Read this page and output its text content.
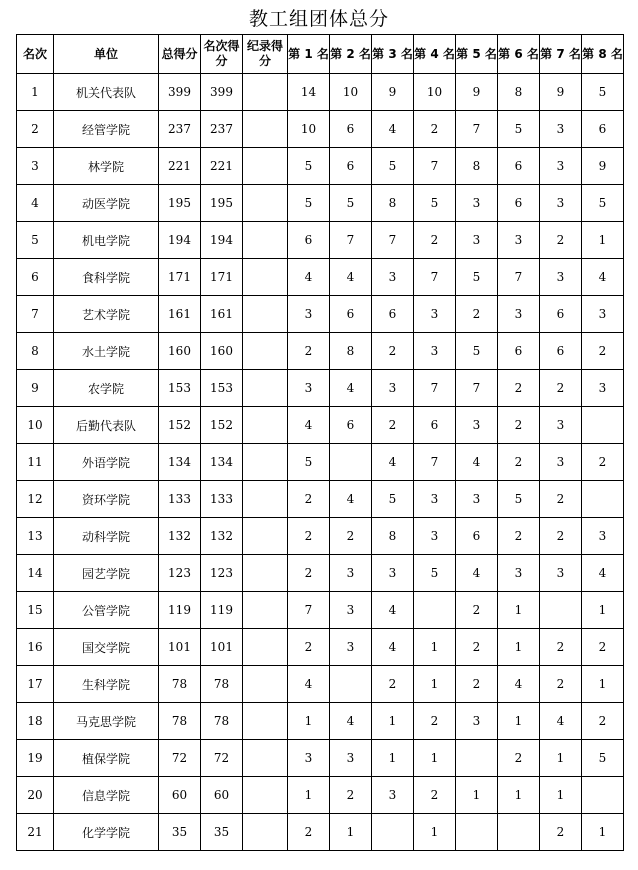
教工组团体总分
名次	单位	总得分	名次得分	纪录得分	第 1 名	第 2 名	第 3 名	第 4 名	第 5 名	第 6 名	第 7 名	第 8 名
1	机关代表队	399	399		14	10	9	10	9	8	9	5
2	经管学院	237	237		10	6	4	2	7	5	3	6
3	林学院	221	221		5	6	5	7	8	6	3	9
4	动医学院	195	195		5	5	8	5	3	6	3	5
5	机电学院	194	194		6	7	7	2	3	3	2	1
6	食科学院	171	171		4	4	3	7	5	7	3	4
7	艺术学院	161	161		3	6	6	3	2	3	6	3
8	水土学院	160	160		2	8	2	3	5	6	6	2
9	农学院	153	153		3	4	3	7	7	2	2	3
10	后勤代表队	152	152		4	6	2	6	3	2	3	
11	外语学院	134	134		5		4	7	4	2	3	2
12	资环学院	133	133		2	4	5	3	3	5	2	
13	动科学院	132	132		2	2	8	3	6	2	2	3
14	园艺学院	123	123		2	3	3	5	4	3	3	4
15	公管学院	119	119		7	3	4		2	1		1
16	国交学院	101	101		2	3	4	1	2	1	2	2
17	生科学院	78	78		4		2	1	2	4	2	1
18	马克思学院	78	78		1	4	1	2	3	1	4	2
19	植保学院	72	72		3	3	1	1		2	1	5
20	信息学院	60	60		1	2	3	2	1	1	1	
21	化学学院	35	35		2	1		1			2	1
